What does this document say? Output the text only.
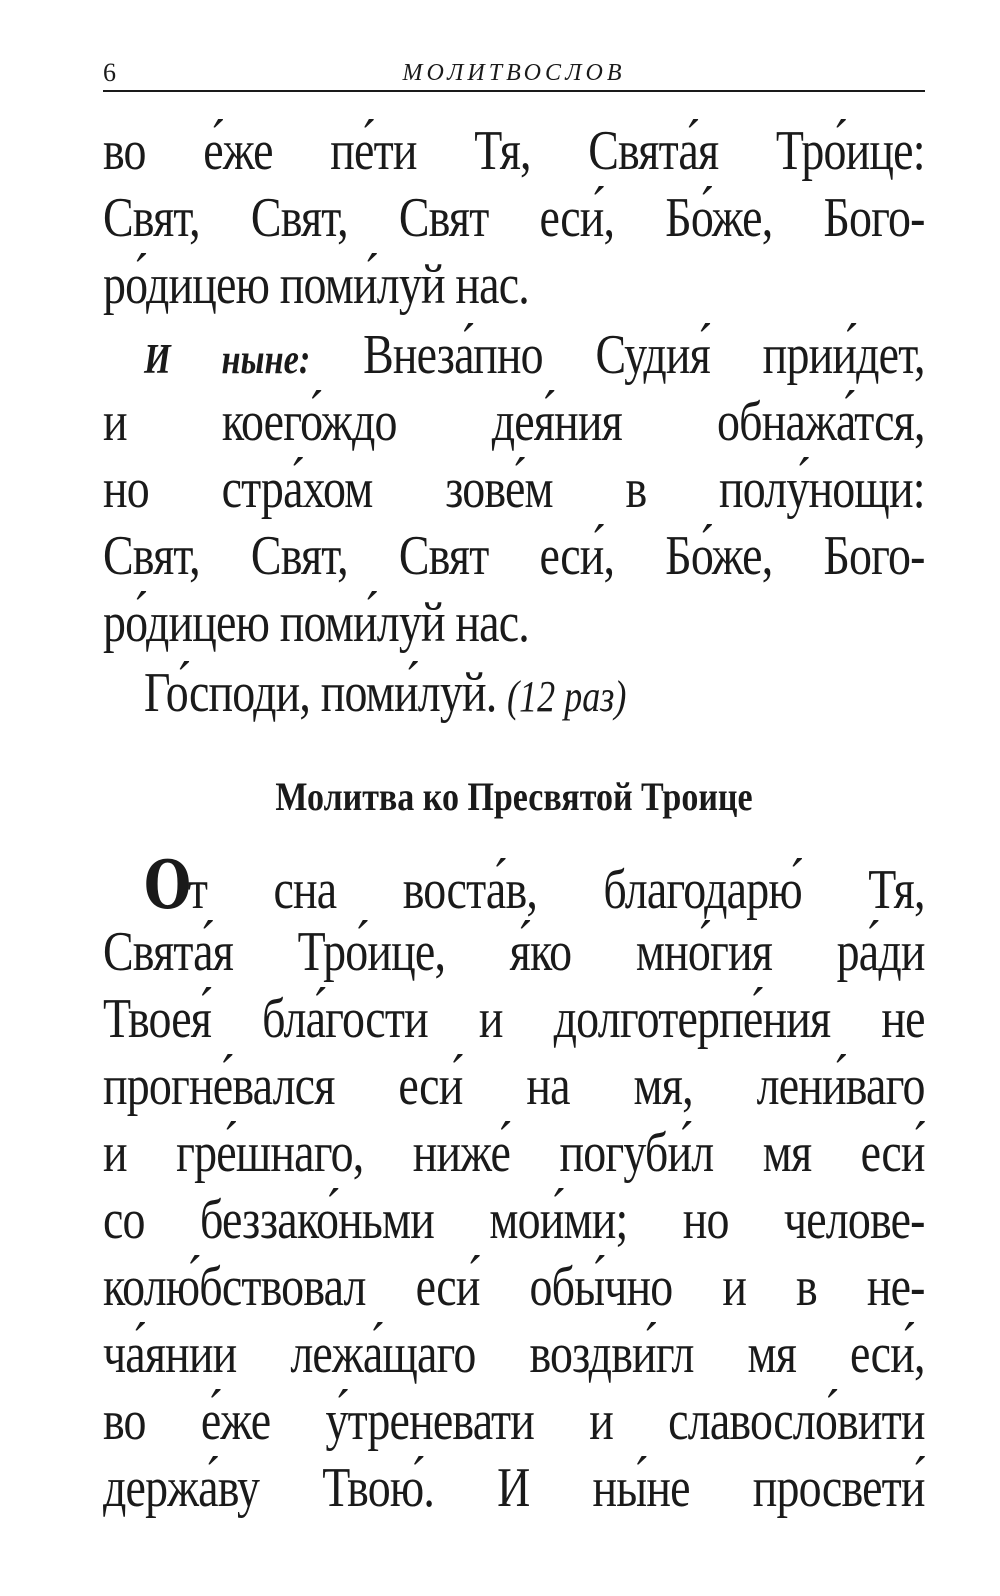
6	МОЛИТВОСЛОВ
во е́же пе́ти Тя, Свята́я Тро́ице:
Свят, Свят, Свят еси́, Бо́же, Бого-
ро́дицею поми́луй нас.
И ныне: Внеза́пно Судия́ прии́дет,
и коего́ждо дея́ния обнажа́тся,
но стра́хом зове́м в полу́нощи:
Свят, Свят, Свят еси́, Бо́же, Бого-
ро́дицею поми́луй нас.
Го́споди, поми́луй. (12 раз)
Молитва ко Пресвятой Троице
От сна воста́в, благодарю́ Тя,
Свята́я Тро́ице, я́ко мно́гия ра́ди
Твоея́ бла́гости и долготерпе́ния не
прогне́вался еси́ на мя, лени́ваго
и гре́шнаго, ниже́ погуби́л мя еси́
со беззако́ньми мои́ми; но челове-
колю́бствовал еси́ обы́чно и в не-
ча́янии лежа́щаго воздви́гл мя еси́,
во е́же у́треневати и славосло́вити
держа́ву Твою́. И ны́не просвети́
